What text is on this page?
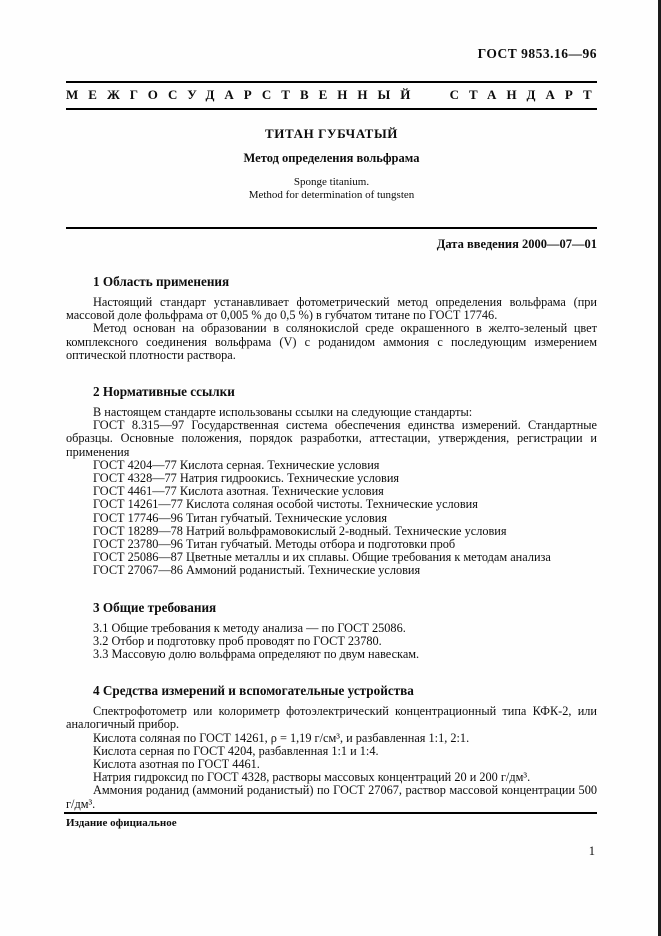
ГОСТ 9853.16—96
МЕЖГОСУДАРСТВЕННЫЙ СТАНДАРТ
ТИТАН ГУБЧАТЫЙ
Метод определения вольфрама
Sponge titanium.
Method for determination of tungsten
Дата введения 2000—07—01
1 Область применения

Настоящий стандарт устанавливает фотометрический метод определения вольфрама (при массовой доле фольфрама от 0,005 % до 0,5 %) в губчатом титане по ГОСТ 17746.

Метод основан на образовании в солянокислой среде окрашенного в желто-зеленый цвет комплексного соединения вольфрама (V) с роданидом аммония с последующим измерением оптической плотности раствора.

2 Нормативные ссылки

В настоящем стандарте использованы ссылки на следующие стандарты:

ГОСТ 8.315—97 Государственная система обеспечения единства измерений. Стандартные образцы. Основные положения, порядок разработки, аттестации, утверждения, регистрации и применения

ГОСТ 4204—77 Кислота серная. Технические условия

ГОСТ 4328—77 Натрия гидроокись. Технические условия

ГОСТ 4461—77 Кислота азотная. Технические условия

ГОСТ 14261—77 Кислота соляная особой чистоты. Технические условия

ГОСТ 17746—96 Титан губчатый. Технические условия

ГОСТ 18289—78 Натрий вольфрамовокислый 2-водный. Технические условия

ГОСТ 23780—96 Титан губчатый. Методы отбора и подготовки проб

ГОСТ 25086—87 Цветные металлы и их сплавы. Общие требования к методам анализа

ГОСТ 27067—86 Аммоний роданистый. Технические условия

3 Общие требования

3.1 Общие требования к методу анализа — по ГОСТ 25086.

3.2 Отбор и подготовку проб проводят по ГОСТ 23780.

3.3 Массовую долю вольфрама определяют по двум навескам.

4 Средства измерений и вспомогательные устройства

Спектрофотометр или колориметр фотоэлектрический концентрационный типа КФК-2, или аналогичный прибор.

Кислота соляная по ГОСТ 14261, ρ = 1,19 г/см³, и разбавленная 1:1, 2:1.

Кислота серная по ГОСТ 4204, разбавленная 1:1 и 1:4.

Кислота азотная по ГОСТ 4461.

Натрия гидроксид по ГОСТ 4328, растворы массовых концентраций 20 и 200 г/дм³.

Аммония роданид (аммоний роданистый) по ГОСТ 27067, раствор массовой концентрации 500 г/дм³.

Издание официальное
1
